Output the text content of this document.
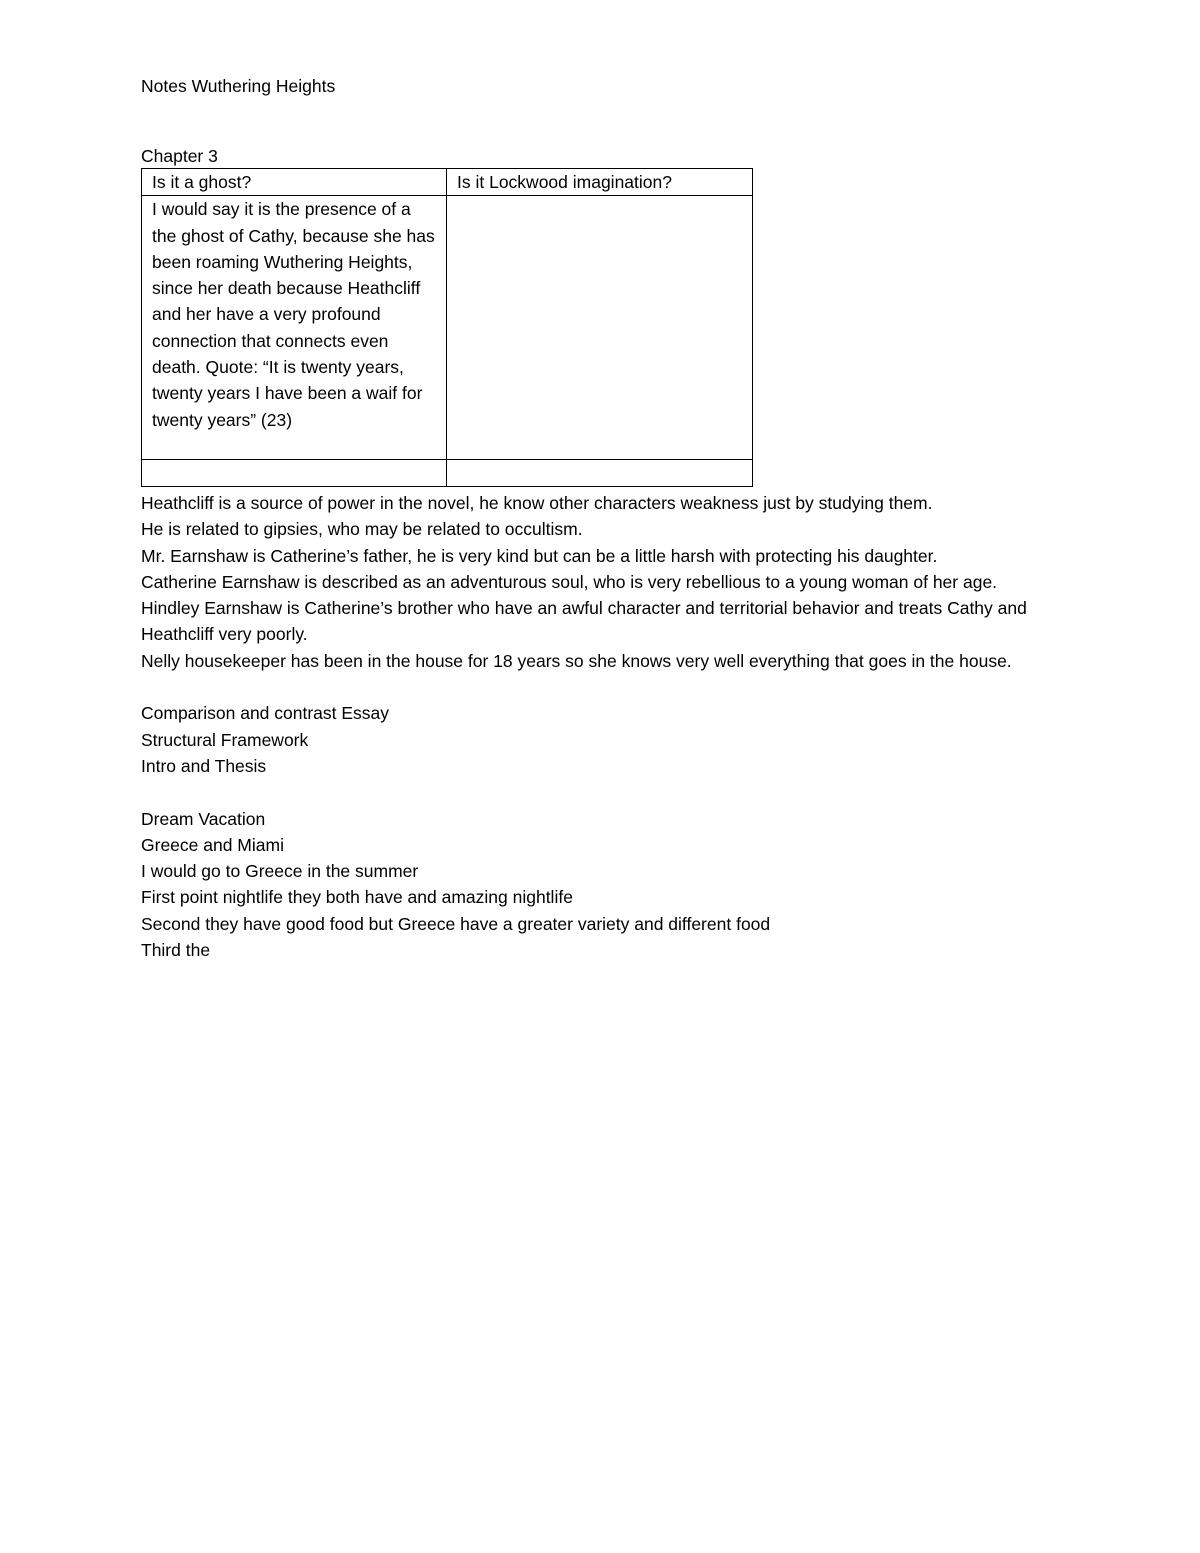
Notes Wuthering Heights
Chapter 3
Is it a ghost?	Is it Lockwood imagination?
I would say it is the presence of a the ghost of Cathy, because she has been roaming Wuthering Heights, since her death because Heathcliff and her have a very profound connection that connects even death. Quote: “It is twenty years, twenty years I have been a waif for twenty years” (23)	

Heathcliff is a source of power in the novel, he know other characters weakness just by studying them.

He is related to gipsies, who may be related to occultism.

Mr. Earnshaw is Catherine’s father, he is very kind but can be a little harsh with protecting his daughter.

Catherine Earnshaw is described as an adventurous soul, who is very rebellious to a young woman of her age.

Hindley Earnshaw is Catherine’s brother who have an awful character and territorial behavior and treats Cathy and Heathcliff very poorly.

Nelly housekeeper has been in the house for 18 years so she knows very well everything that goes in the house.

Comparison and contrast Essay

Structural Framework

Intro and Thesis

Dream Vacation

Greece and Miami

I would go to Greece in the summer

First point nightlife they both have and amazing nightlife

Second they have good food but Greece have a greater variety and different food

Third the
